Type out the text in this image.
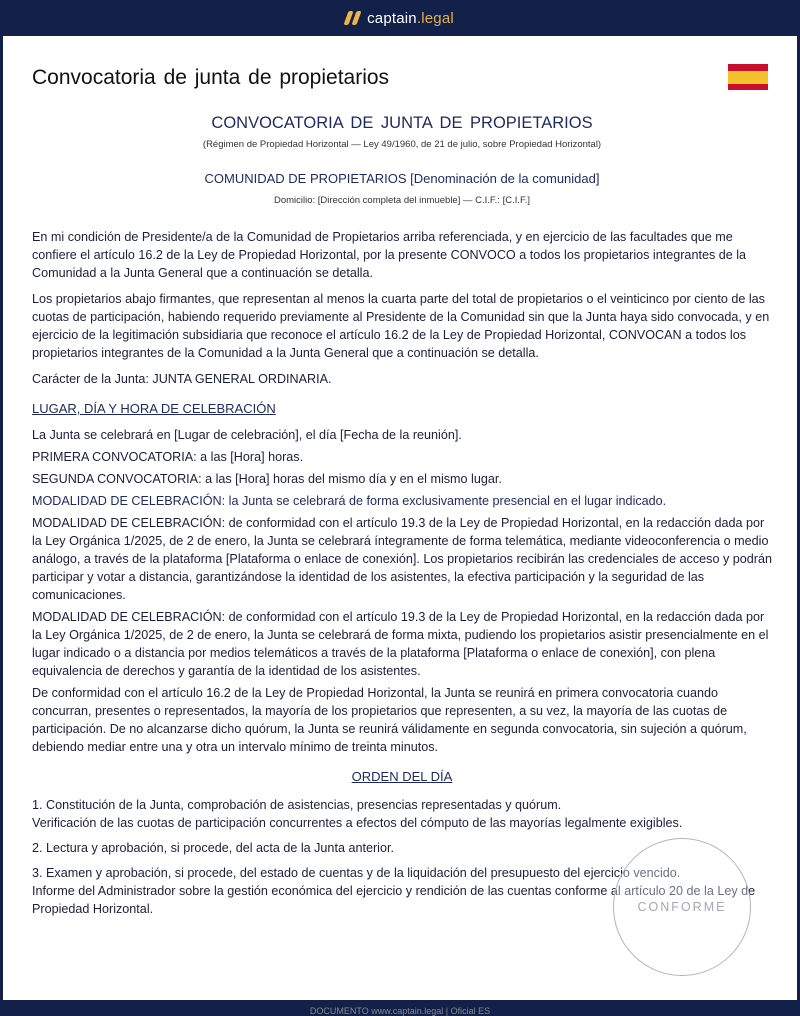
captain.legal
Convocatoria de junta de propietarios
CONVOCATORIA DE JUNTA DE PROPIETARIOS
(Régimen de Propiedad Horizontal — Ley 49/1960, de 21 de julio, sobre Propiedad Horizontal)
COMUNIDAD DE PROPIETARIOS [Denominación de la comunidad]
Domicilio: [Dirección completa del inmueble] — C.I.F.: [C.I.F.]

En mi condición de Presidente/a de la Comunidad de Propietarios arriba referenciada, y en ejercicio de las facultades que me confiere el artículo 16.2 de la Ley de Propiedad Horizontal, por la presente CONVOCO a todos los propietarios integrantes de la Comunidad a la Junta General que a continuación se detalla.

Los propietarios abajo firmantes, que representan al menos la cuarta parte del total de propietarios o el veinticinco por ciento de las cuotas de participación, habiendo requerido previamente al Presidente de la Comunidad sin que la Junta haya sido convocada, y en ejercicio de la legitimación subsidiaria que reconoce el artículo 16.2 de la Ley de Propiedad Horizontal, CONVOCAN a todos los propietarios integrantes de la Comunidad a la Junta General que a continuación se detalla.

Carácter de la Junta: JUNTA GENERAL ORDINARIA.

LUGAR, DÍA Y HORA DE CELEBRACIÓN

La Junta se celebrará en [Lugar de celebración], el día [Fecha de la reunión].

PRIMERA CONVOCATORIA: a las [Hora] horas.

SEGUNDA CONVOCATORIA: a las [Hora] horas del mismo día y en el mismo lugar.

MODALIDAD DE CELEBRACIÓN: la Junta se celebrará de forma exclusivamente presencial en el lugar indicado.

MODALIDAD DE CELEBRACIÓN: de conformidad con el artículo 19.3 de la Ley de Propiedad Horizontal, en la redacción dada por la Ley Orgánica 1/2025, de 2 de enero, la Junta se celebrará íntegramente de forma telemática, mediante videoconferencia o medio análogo, a través de la plataforma [Plataforma o enlace de conexión]. Los propietarios recibirán las credenciales de acceso y podrán participar y votar a distancia, garantizándose la identidad de los asistentes, la efectiva participación y la seguridad de las comunicaciones.

MODALIDAD DE CELEBRACIÓN: de conformidad con el artículo 19.3 de la Ley de Propiedad Horizontal, en la redacción dada por la Ley Orgánica 1/2025, de 2 de enero, la Junta se celebrará de forma mixta, pudiendo los propietarios asistir presencialmente en el lugar indicado o a distancia por medios telemáticos a través de la plataforma [Plataforma o enlace de conexión], con plena equivalencia de derechos y garantía de la identidad de los asistentes.

De conformidad con el artículo 16.2 de la Ley de Propiedad Horizontal, la Junta se reunirá en primera convocatoria cuando concurran, presentes o representados, la mayoría de los propietarios que representen, a su vez, la mayoría de las cuotas de participación. De no alcanzarse dicho quórum, la Junta se reunirá válidamente en segunda convocatoria, sin sujeción a quórum, debiendo mediar entre una y otra un intervalo mínimo de treinta minutos.

ORDEN DEL DÍA
1. Constitución de la Junta, comprobación de asistencias, presencias representadas y quórum.
Verificación de las cuotas de participación concurrentes a efectos del cómputo de las mayorías legalmente exigibles.
2. Lectura y aprobación, si procede, del acta de la Junta anterior.
3. Examen y aprobación, si procede, del estado de cuentas y de la liquidación del presupuesto del ejercicio vencido.
Informe del Administrador sobre la gestión económica del ejercicio y rendición de las cuentas conforme al artículo 20 de la Ley de Propiedad Horizontal.	CONFORME
DOCUMENTO www.captain.legal | Oficial ES
